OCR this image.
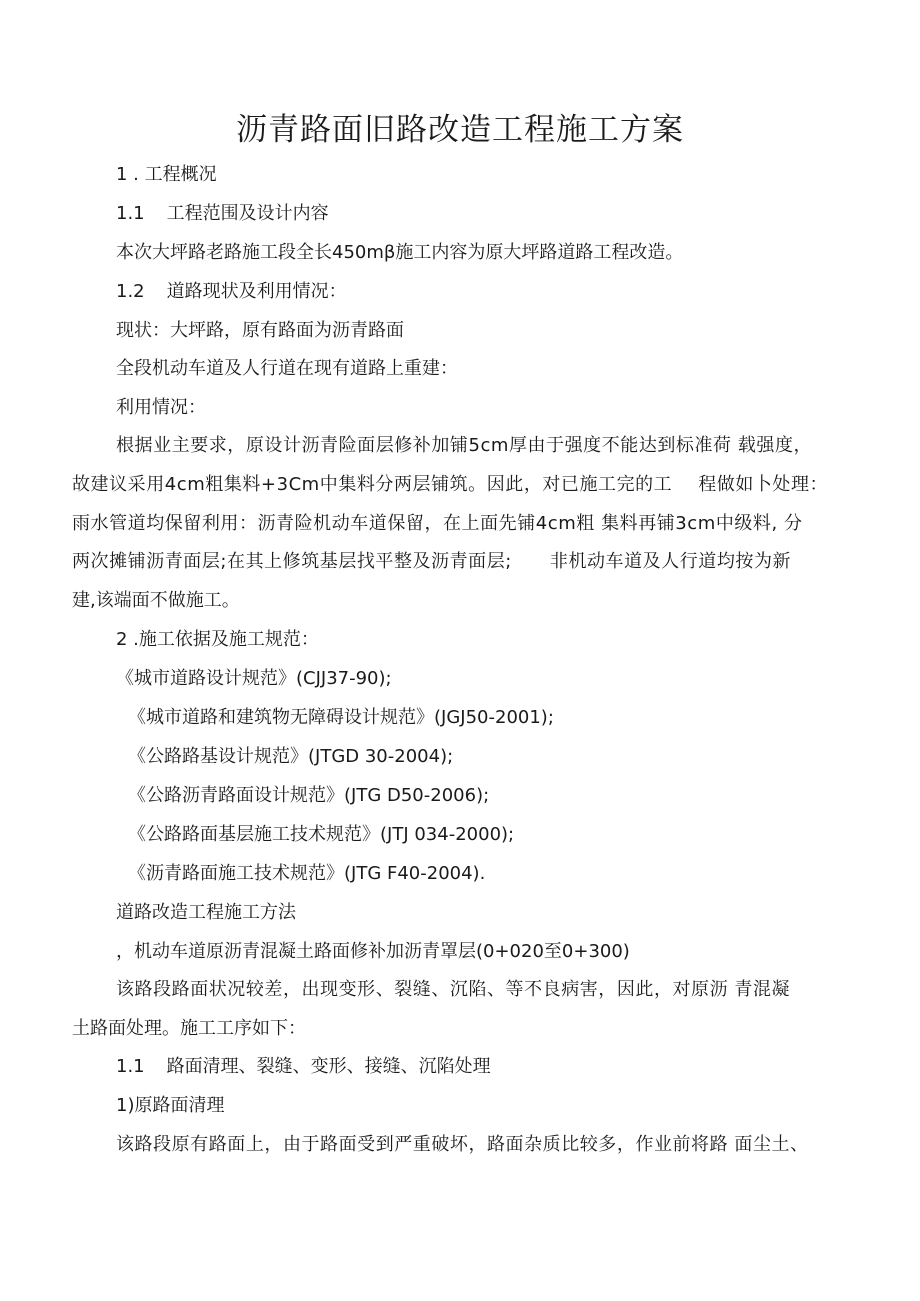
沥青路面旧路改造工程施工方案
1 . 工程概况
1.1 工程范围及设计内容
本次大坪路老路施工段全长450mβ施工内容为原大坪路道路工程改造。
1.2 道路现状及利用情况：
现状：大坪路，原有路面为沥青路面
全段机动车道及人行道在现有道路上重建：
利用情况：
根据业主要求，原设计沥青险面层修补加铺5cm厚由于强度不能达到标准荷 载强度，
故建议采用4cm粗集料+3Cm中集料分两层铺筑。因此，对已施工完的工 程做如卜处理：
雨水管道均保留利用：沥青险机动车道保留，在上面先铺4cm粗 集料再铺3cm中级料, 分
两次摊铺沥青面层;在其上修筑基层找平整及沥青面层; 非机动车道及人行道均按为新
建,该端面不做施工。
2 .施工依据及施工规范：
《城市道路设计规范》(CJJ37-90);
《城市道路和建筑物无障碍设计规范》(JGJ50-2001);
《公路路基设计规范》(JTGD 30-2004);
《公路沥青路面设计规范》(JTG D50-2006);
《公路路面基层施工技术规范》(JTJ 034-2000);
《沥青路面施工技术规范》(JTG F40-2004).
道路改造工程施工方法
，机动车道原沥青混凝土路面修补加沥青罩层(0+020至0+300)
该路段路面状况较差，出现变形、裂缝、沉陷、等不良病害，因此，对原沥 青混凝
土路面处理。施工工序如下：
1.1 路面清理、裂缝、变形、接缝、沉陷处理
1)原路面清理
该路段原有路面上，由于路面受到严重破坏，路面杂质比较多，作业前将路 面尘土、
